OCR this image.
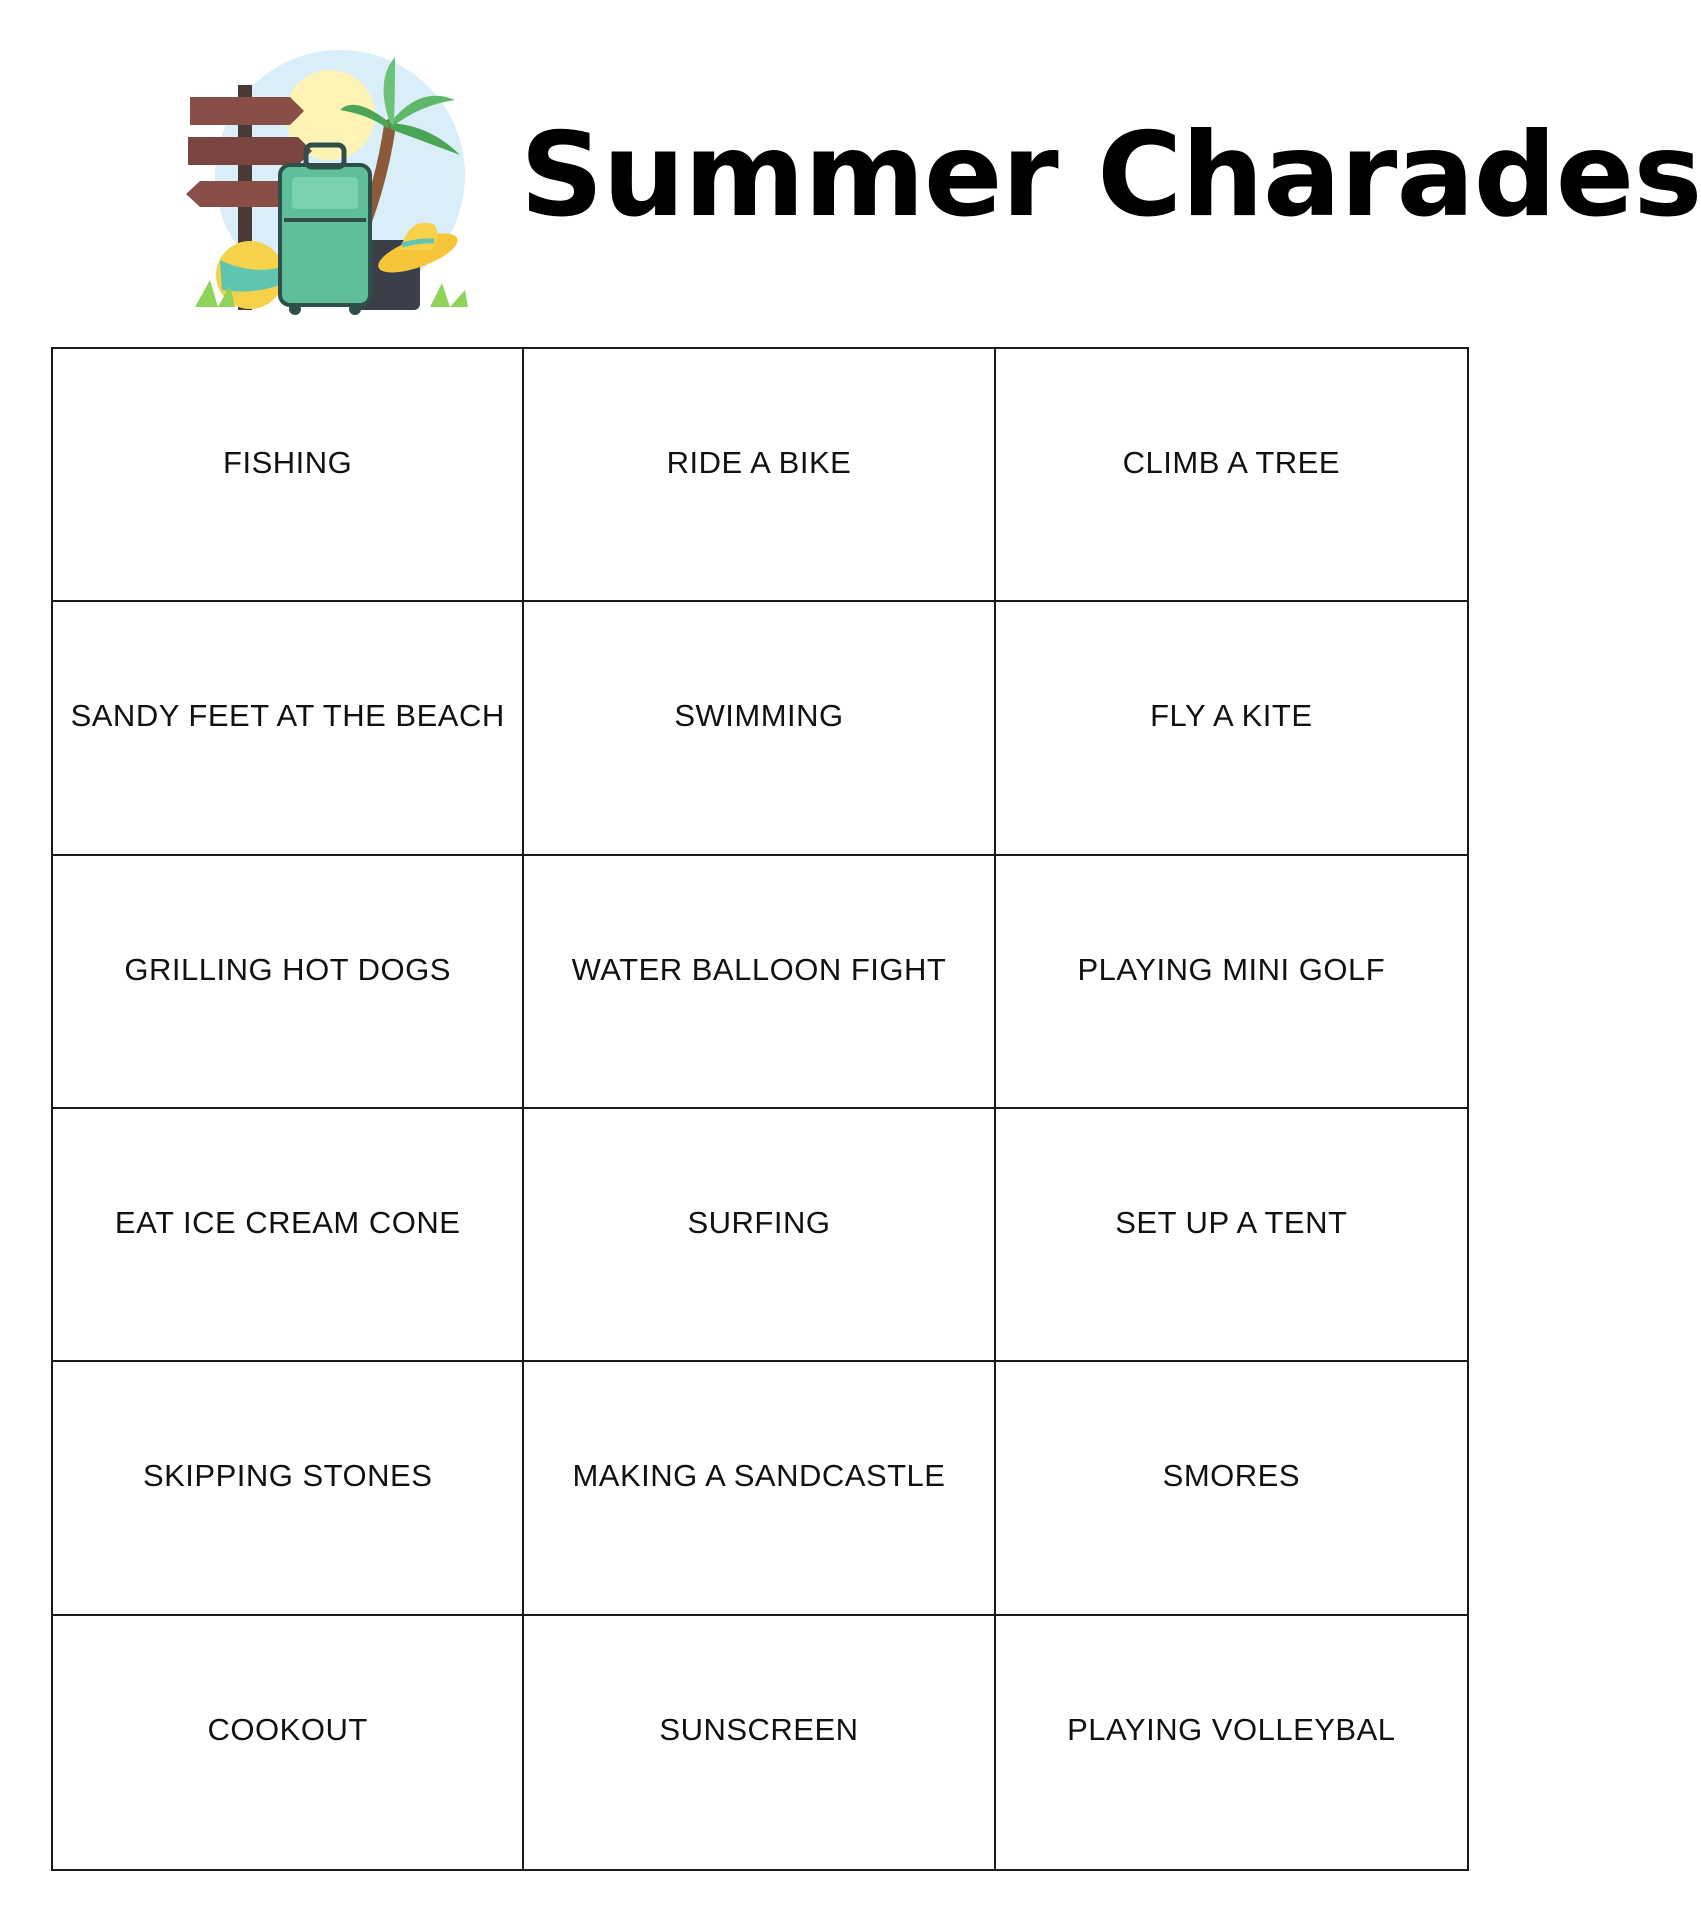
Summer Charades
FISHING	RIDE A BIKE	CLIMB A TREE
SANDY FEET AT THE BEACH	SWIMMING	FLY A KITE
GRILLING HOT DOGS	WATER BALLOON FIGHT	PLAYING MINI GOLF
EAT ICE CREAM CONE	SURFING	SET UP A TENT
SKIPPING STONES	MAKING A SANDCASTLE	SMORES
COOKOUT	SUNSCREEN	PLAYING VOLLEYBAL
